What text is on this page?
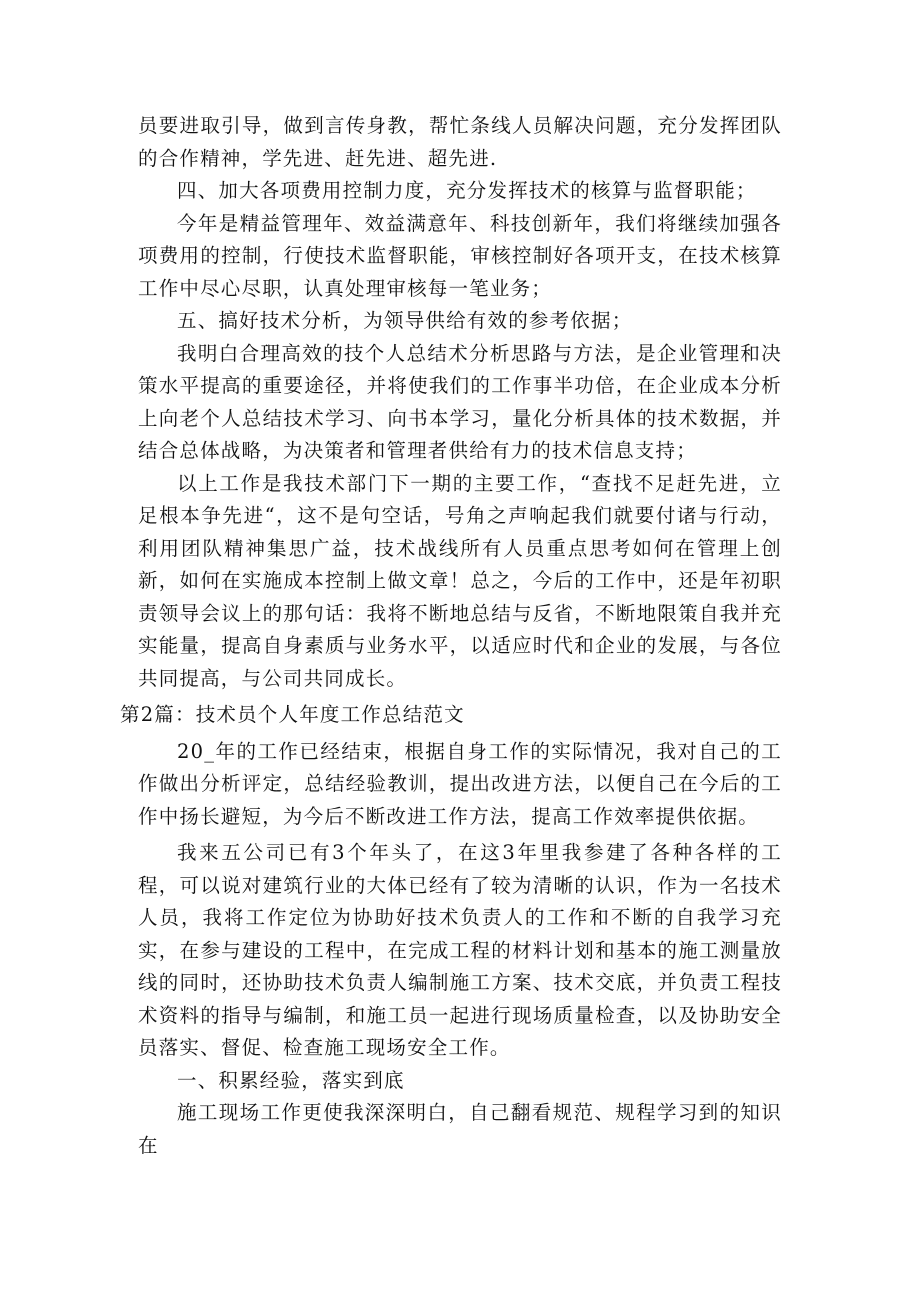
员要进取引导，做到言传身教，帮忙条线人员解决问题，充分发挥团队的合作精神，学先进、赶先进、超先进.

四、加大各项费用控制力度，充分发挥技术的核算与监督职能；

今年是精益管理年、效益满意年、科技创新年，我们将继续加强各项费用的控制，行使技术监督职能，审核控制好各项开支，在技术核算工作中尽心尽职，认真处理审核每一笔业务；

五、搞好技术分析，为领导供给有效的参考依据；

我明白合理高效的技个人总结术分析思路与方法，是企业管理和决策水平提高的重要途径，并将使我们的工作事半功倍，在企业成本分析上向老个人总结技术学习、向书本学习，量化分析具体的技术数据，并结合总体战略，为决策者和管理者供给有力的技术信息支持；

以上工作是我技术部门下一期的主要工作，“查找不足赶先进，立足根本争先进“，这不是句空话，号角之声响起我们就要付诸与行动，利用团队精神集思广益，技术战线所有人员重点思考如何在管理上创新，如何在实施成本控制上做文章！总之，今后的工作中，还是年初职责领导会议上的那句话：我将不断地总结与反省，不断地限策自我并充实能量，提高自身素质与业务水平，以适应时代和企业的发展，与各位共同提高，与公司共同成长。

第2篇：技术员个人年度工作总结范文

20_年的工作已经结束，根据自身工作的实际情况，我对自己的工作做出分析评定，总结经验教训，提出改进方法，以便自己在今后的工作中扬长避短，为今后不断改进工作方法，提高工作效率提供依据。

我来五公司已有3个年头了，在这3年里我参建了各种各样的工程，可以说对建筑行业的大体已经有了较为清晰的认识，作为一名技术人员，我将工作定位为协助好技术负责人的工作和不断的自我学习充实，在参与建设的工程中，在完成工程的材料计划和基本的施工测量放线的同时，还协助技术负责人编制施工方案、技术交底，并负责工程技术资料的指导与编制，和施工员一起进行现场质量检查，以及协助安全员落实、督促、检查施工现场安全工作。

一、积累经验，落实到底

施工现场工作更使我深深明白，自己翻看规范、规程学习到的知识在
